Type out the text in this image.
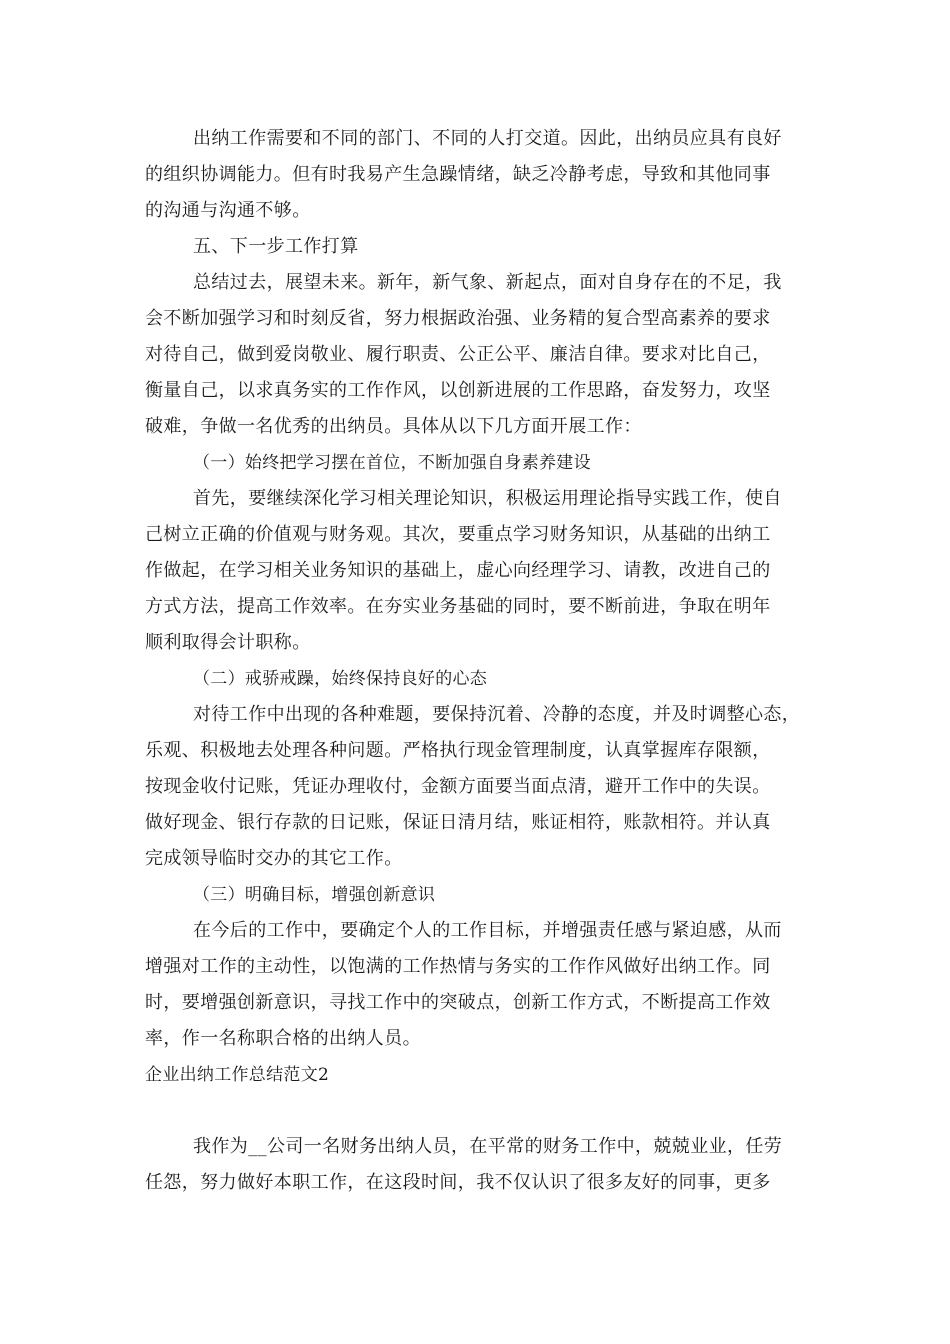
出纳工作需要和不同的部门、不同的人打交道。因此，出纳员应具有良好

的组织协调能力。但有时我易产生急躁情绪，缺乏冷静考虑，导致和其他同事

的沟通与沟通不够。

五、下一步工作打算

总结过去，展望未来。新年，新气象、新起点，面对自身存在的不足，我

会不断加强学习和时刻反省，努力根据政治强、业务精的复合型高素养的要求

对待自己，做到爱岗敬业、履行职责、公正公平、廉洁自律。要求对比自己，

衡量自己，以求真务实的工作作风，以创新进展的工作思路，奋发努力，攻坚

破难，争做一名优秀的出纳员。具体从以下几方面开展工作：

（一）始终把学习摆在首位，不断加强自身素养建设

首先，要继续深化学习相关理论知识，积极运用理论指导实践工作，使自

己树立正确的价值观与财务观。其次，要重点学习财务知识，从基础的出纳工

作做起，在学习相关业务知识的基础上，虚心向经理学习、请教，改进自己的

方式方法，提高工作效率。在夯实业务基础的同时，要不断前进，争取在明年

顺利取得会计职称。

（二）戒骄戒躁，始终保持良好的心态

对待工作中出现的各种难题，要保持沉着、冷静的态度，并及时调整心态，

乐观、积极地去处理各种问题。严格执行现金管理制度，认真掌握库存限额，

按现金收付记账，凭证办理收付，金额方面要当面点清，避开工作中的失误。

做好现金、银行存款的日记账，保证日清月结，账证相符，账款相符。并认真

完成领导临时交办的其它工作。

（三）明确目标，增强创新意识

在今后的工作中，要确定个人的工作目标，并增强责任感与紧迫感，从而

增强对工作的主动性，以饱满的工作热情与务实的工作作风做好出纳工作。同

时，要增强创新意识，寻找工作中的突破点，创新工作方式，不断提高工作效

率，作一名称职合格的出纳人员。

企业出纳工作总结范文2

我作为__公司一名财务出纳人员，在平常的财务工作中，兢兢业业，任劳

任怨，努力做好本职工作，在这段时间，我不仅认识了很多友好的同事，更多
